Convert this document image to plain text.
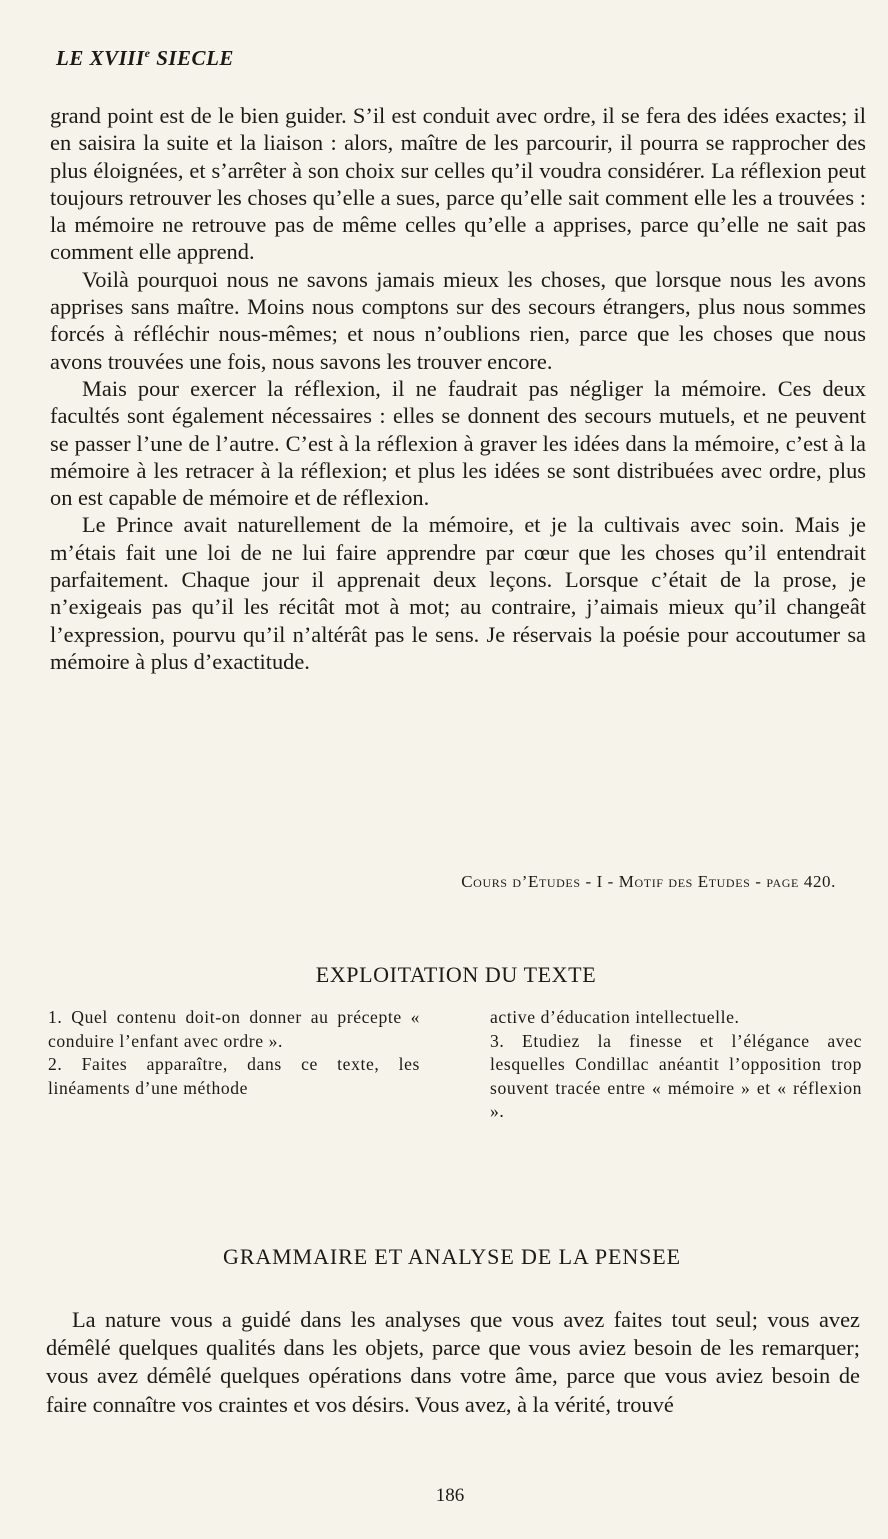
LE XVIIIe SIECLE

grand point est de le bien guider. S’il est conduit avec ordre, il se fera des idées exactes; il en saisira la suite et la liaison : alors, maître de les parcourir, il pourra se rapprocher des plus éloignées, et s’arrêter à son choix sur celles qu’il voudra considérer. La réflexion peut toujours retrouver les choses qu’elle a sues, parce qu’elle sait comment elle les a trouvées : la mémoire ne retrouve pas de même celles qu’elle a apprises, parce qu’elle ne sait pas comment elle apprend.

Voilà pourquoi nous ne savons jamais mieux les choses, que lorsque nous les avons apprises sans maître. Moins nous comptons sur des secours étrangers, plus nous sommes forcés à réfléchir nous-mêmes; et nous n’oublions rien, parce que les choses que nous avons trouvées une fois, nous savons les trouver encore.

Mais pour exercer la réflexion, il ne faudrait pas négliger la mémoire. Ces deux facultés sont également nécessaires : elles se donnent des secours mutuels, et ne peuvent se passer l’une de l’autre. C’est à la réflexion à graver les idées dans la mémoire, c’est à la mémoire à les retracer à la réflexion; et plus les idées se sont distribuées avec ordre, plus on est capable de mémoire et de réflexion.

Le Prince avait naturellement de la mémoire, et je la cultivais avec soin. Mais je m’étais fait une loi de ne lui faire apprendre par cœur que les choses qu’il entendrait parfaitement. Chaque jour il apprenait deux leçons. Lorsque c’était de la prose, je n’exigeais pas qu’il les récitât mot à mot; au contraire, j’aimais mieux qu’il changeât l’expression, pourvu qu’il n’altérât pas le sens. Je réservais la poésie pour accoutumer sa mémoire à plus d’exactitude.

Cours d’Etudes - I - Motif des Etudes - page 420.
EXPLOITATION DU TEXTE

1. Quel contenu doit-on donner au précepte « conduire l’enfant avec ordre ».

2. Faites apparaître, dans ce texte, les linéaments d’une méthode

active d’éducation intellectuelle.

3. Etudiez la finesse et l’élégance avec lesquelles Condillac anéantit l’opposition trop souvent tracée entre « mémoire » et « réflexion ».

GRAMMAIRE ET ANALYSE DE LA PENSEE

La nature vous a guidé dans les analyses que vous avez faites tout seul; vous avez démêlé quelques qualités dans les objets, parce que vous aviez besoin de les remarquer; vous avez démêlé quelques opérations dans votre âme, parce que vous aviez besoin de faire connaître vos craintes et vos désirs. Vous avez, à la vérité, trouvé

186
